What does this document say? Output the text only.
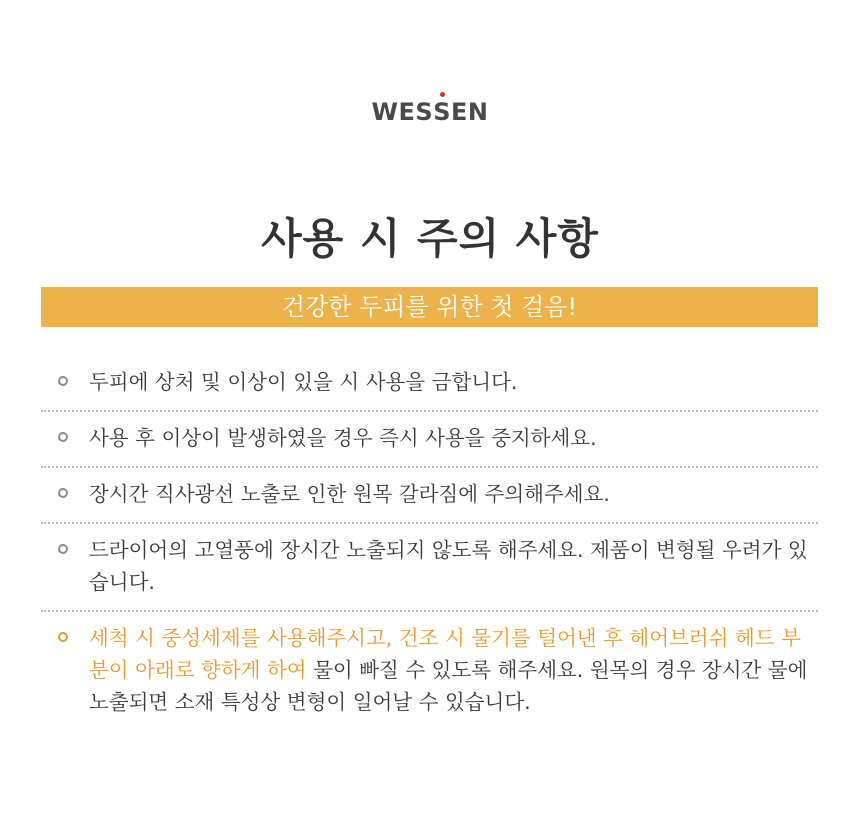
WESSEN
사용 시 주의 사항
건강한 두피를 위한 첫 걸음!
두피에 상처 및 이상이 있을 시 사용을 금합니다.
사용 후 이상이 발생하였을 경우 즉시 사용을 중지하세요.
장시간 직사광선 노출로 인한 원목 갈라짐에 주의해주세요.
드라이어의 고열풍에 장시간 노출되지 않도록 해주세요. 제품이 변형될 우려가 있습니다.
세척 시 중성세제를 사용해주시고, 건조 시 물기를 털어낸 후 헤어브러쉬 헤드 부분이 아래로 향하게 하여 물이 빠질 수 있도록 해주세요. 원목의 경우 장시간 물에 노출되면 소재 특성상 변형이 일어날 수 있습니다.
